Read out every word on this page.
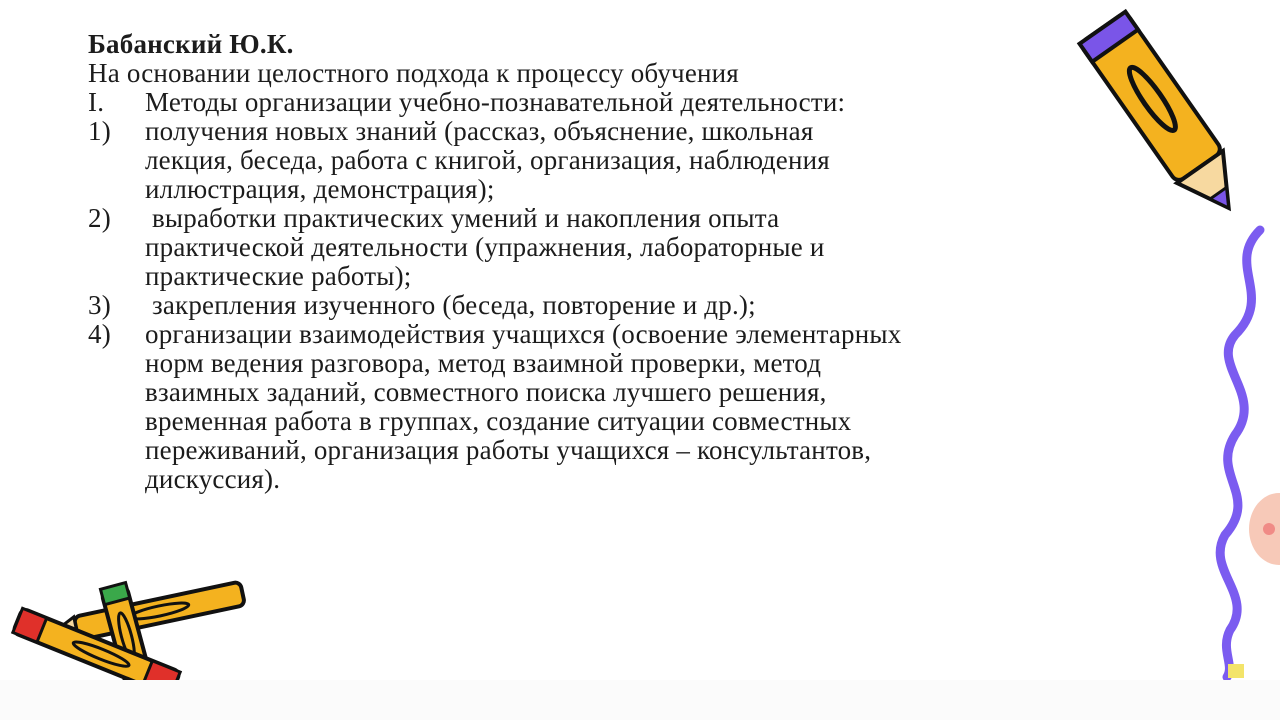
Бабанский Ю.К.

На основании целостного подхода к процессу обучения

I.	Методы организации учебно-познавательной деятельности:
1)	получения новых знаний (рассказ, объяснение, школьная
лекция, беседа, работа с книгой, организация, наблюдения
иллюстрация, демонстрация);
2)	выработки практических умений и накопления опыта
практической деятельности (упражнения, лабораторные и
практические работы);
3)	закрепления изученного (беседа, повторение и др.);
4)	организации взаимодействия учащихся (освоение элементарных
норм ведения разговора, метод взаимной проверки, метод
взаимных заданий, совместного поиска лучшего решения,
временная работа в группах, создание ситуации совместных
переживаний, организация работы учащихся – консультантов,
дискуссия).
